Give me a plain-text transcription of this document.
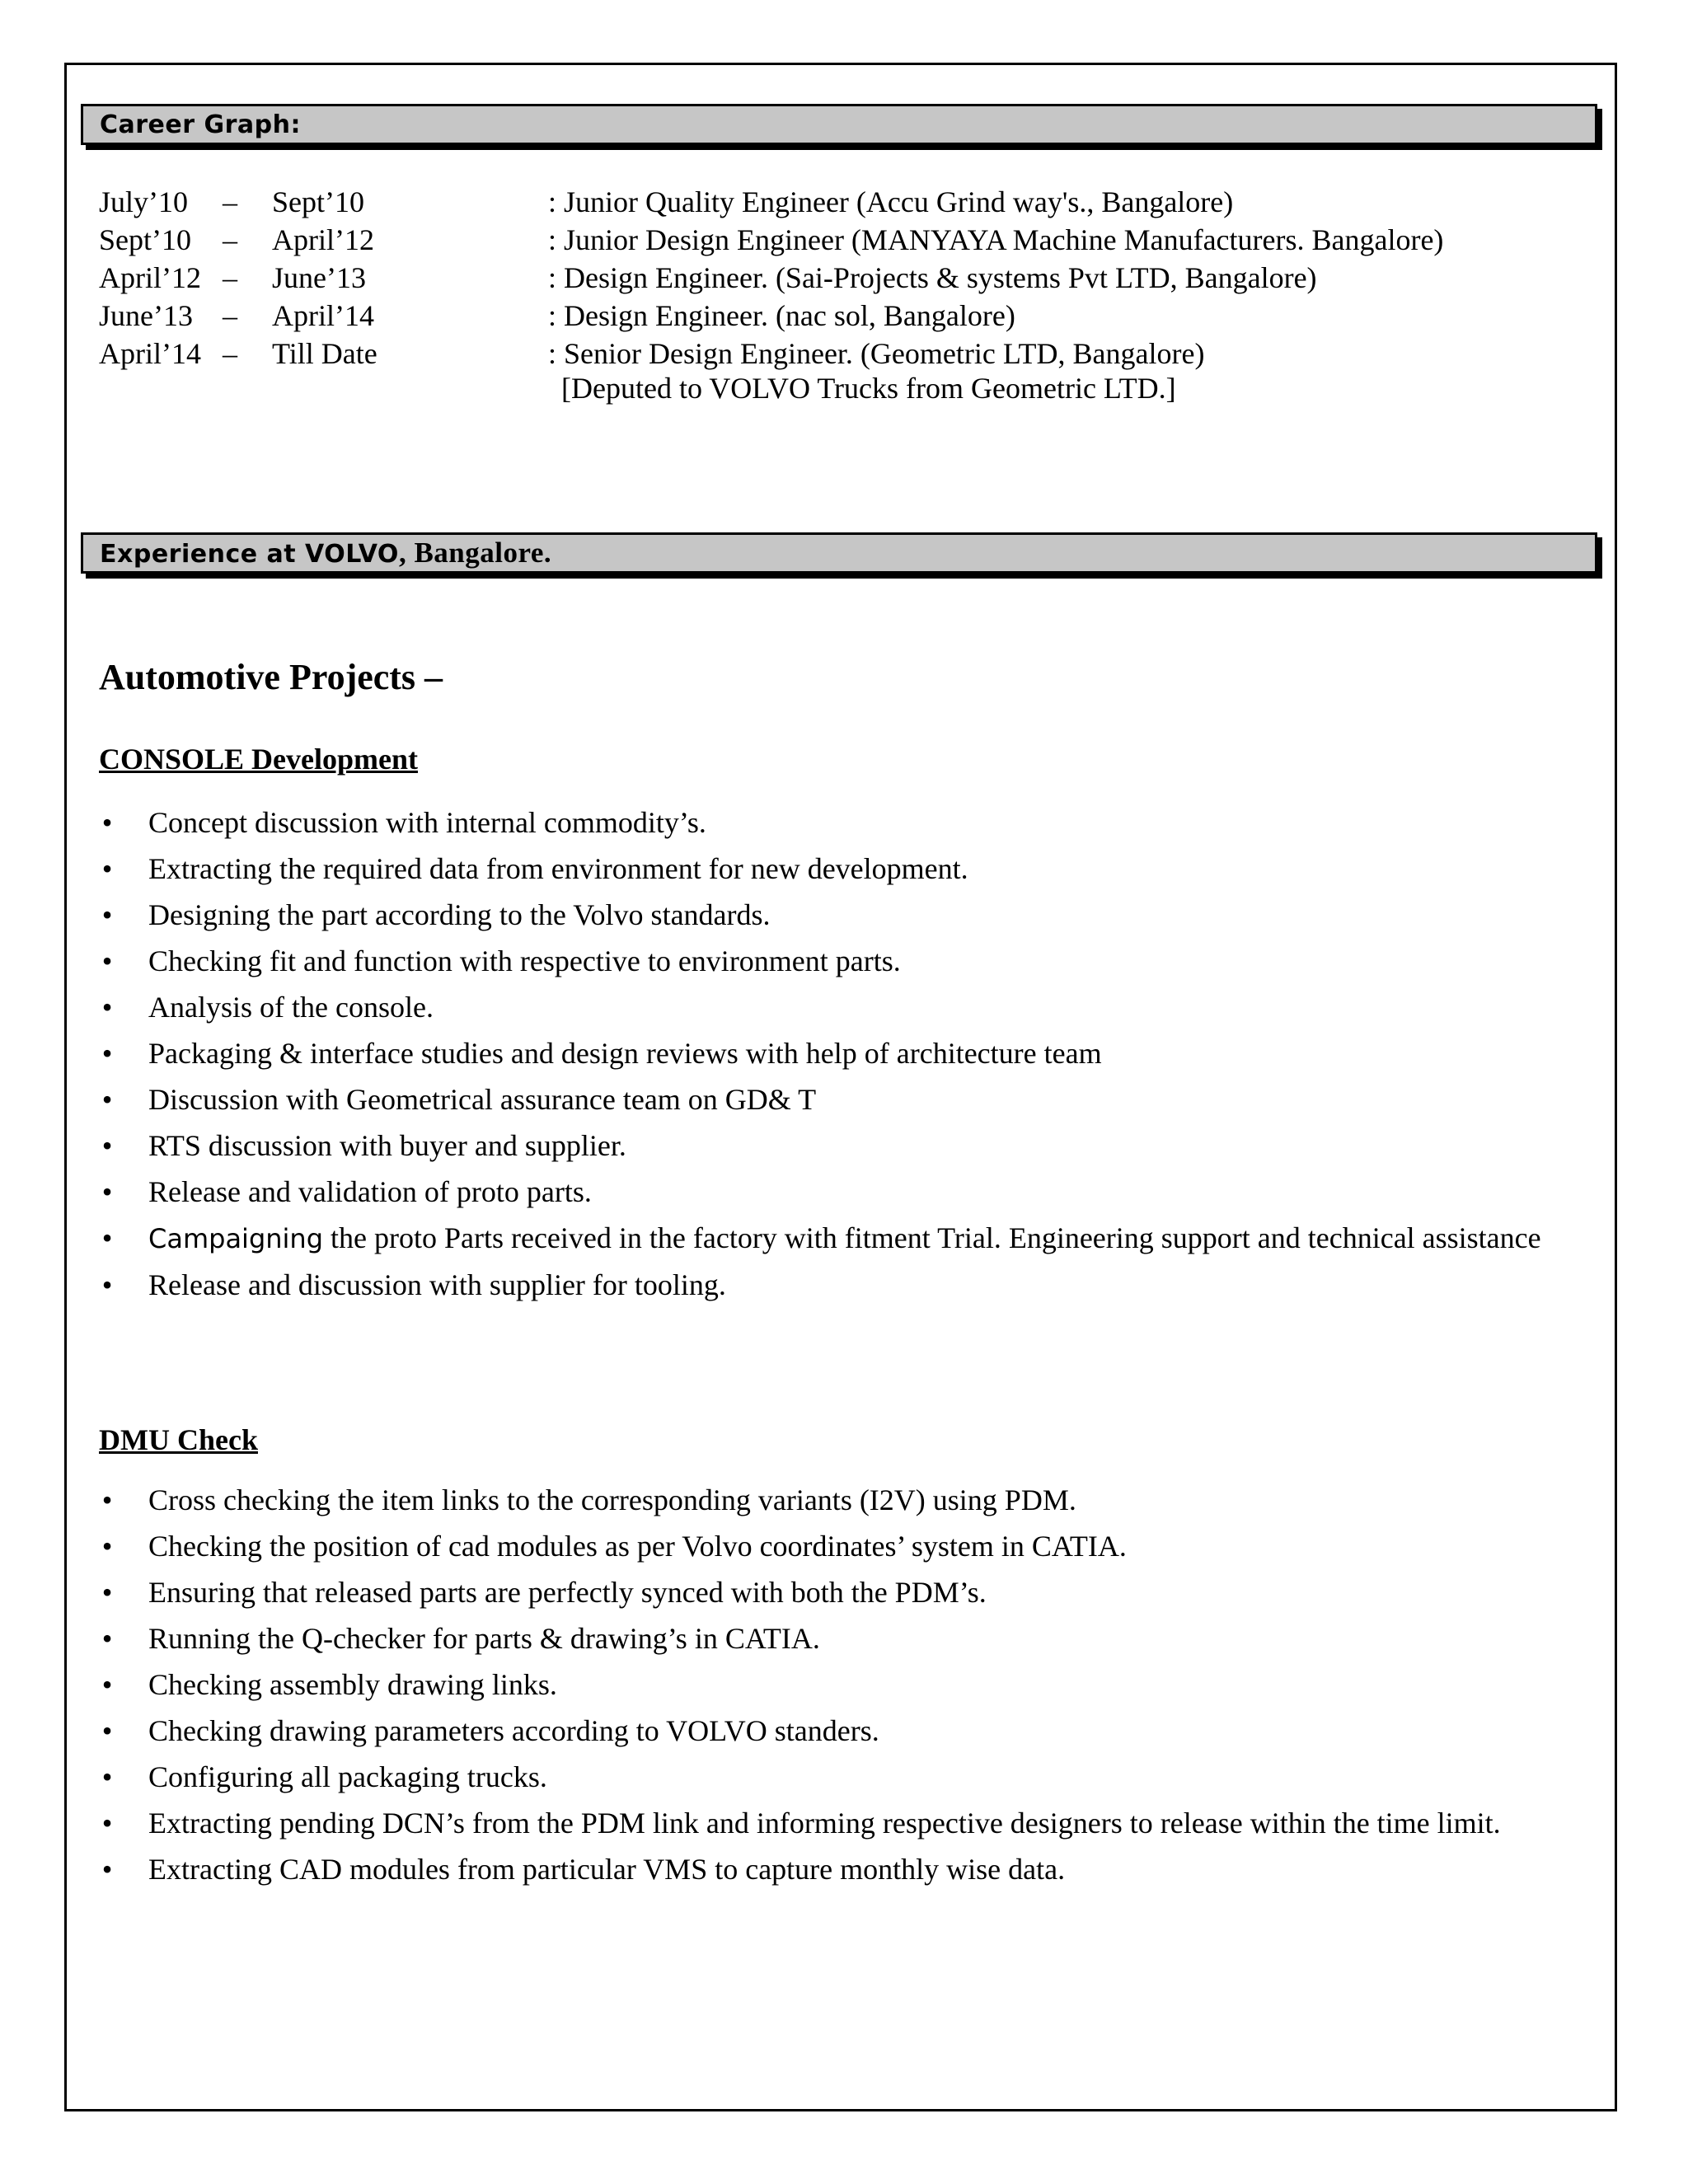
Career Graph:
July’10 – Sept’10	: Junior Quality Engineer (Accu Grind way's., Bangalore)
Sept’10 – April’12	: Junior Design Engineer (MANYAYA Machine Manufacturers. Bangalore)
April’12 – June’13	: Design Engineer. (Sai-Projects & systems Pvt LTD, Bangalore)
June’13 – April’14	: Design Engineer. (nac sol, Bangalore)
April’14 – Till Date	: Senior Design Engineer. (Geometric LTD, Bangalore)
[Deputed to VOLVO Trucks from Geometric LTD.]
Experience at VOLVO, Bangalore.
Automotive Projects –
CONSOLE Development
• Concept discussion with internal commodity’s.
• Extracting the required data from environment for new development.
• Designing the part according to the Volvo standards.
• Checking fit and function with respective to environment parts.
• Analysis of the console.
• Packaging & interface studies and design reviews with help of architecture team
• Discussion with Geometrical assurance team on GD& T
• RTS discussion with buyer and supplier.
• Release and validation of proto parts.
• Campaigning the proto Parts received in the factory with fitment Trial. Engineering support and technical assistance
• Release and discussion with supplier for tooling.
DMU Check
• Cross checking the item links to the corresponding variants (I2V) using PDM.
• Checking the position of cad modules as per Volvo coordinates’ system in CATIA.
• Ensuring that released parts are perfectly synced with both the PDM’s.
• Running the Q-checker for parts & drawing’s in CATIA.
• Checking assembly drawing links.
• Checking drawing parameters according to VOLVO standers.
• Configuring all packaging trucks.
• Extracting pending DCN’s from the PDM link and informing respective designers to release within the time limit.
• Extracting CAD modules from particular VMS to capture monthly wise data.
